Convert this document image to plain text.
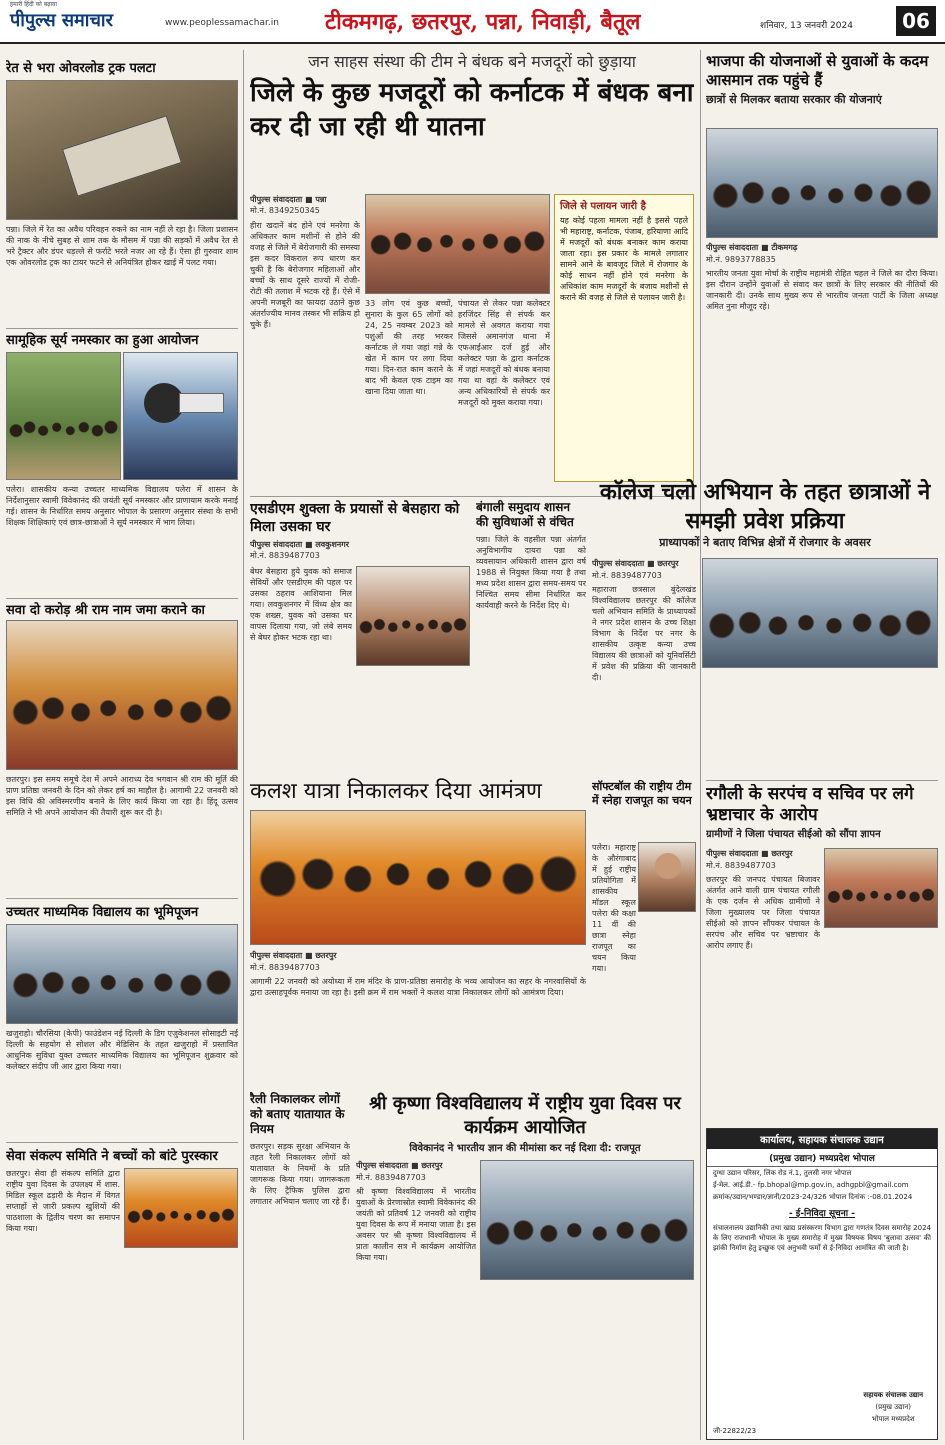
हमारी हिंदी को बढ़ावा
पीपुल्स समाचार	www.peoplessamachar.in टीकमगढ़, छतरपुर, पन्ना, निवाड़ी, बैतूल	शनिवार, 13 जनवरी 2024	06
रेत से भरा ओवरलोड ट्रक पलटा
पन्ना। जिले में रेत का अवैध परिवहन रुकने का नाम नहीं ले रहा है। जिला प्रशासन की नाक के नीचे सुबह से शाम तक के मौसम में पन्ना की सड़कों में अवैध रेत से भरे ट्रैक्टर और डंपर धड़ल्ले से फर्राटे भरते नजर आ रहे हैं। ऐसा ही गुरुवार शाम एक ओवरलोड ट्रक का टायर फटने से अनियंत्रित होकर खाई में पलट गया।
सामूहिक सूर्य नमस्कार का हुआ आयोजन
पलेरा। शासकीय कन्या उच्चतर माध्यमिक विद्यालय पलेरा में शासन के निर्देशानुसार स्वामी विवेकानंद की जयंती सूर्य नमस्कार और प्राणायाम करके मनाई गई। शासन के निर्धारित समय अनुसार भोपाल के प्रसारण अनुसार संस्था के सभी शिक्षक शिक्षिकाएं एवं छात्र-छात्राओं ने सूर्य नमस्कार में भाग लिया।
सवा दो करोड़ श्री राम नाम जमा कराने का
छतरपुर। इस समय समूचे देश में अपने आराध्य देव भगवान श्री राम की मूर्ति की प्राण प्रतिष्ठा जनवरी के दिन को लेकर हर्ष का माहौल है। आगामी 22 जनवरी को इस विधि की अविस्मरणीय बनाने के लिए कार्य किया जा रहा है। हिंदू उत्सव समिति ने भी अपने आयोजन की तैयारी शुरू कर दी है।
उच्चतर माध्यमिक विद्यालय का भूमिपूजन
खजुराहो। चौरसिया (केपी) फाउंडेशन नई दिल्ली के डिग एजुकेशनल सोसाइटी नई दिल्ली के सहयोग से सोशल और मेडिसिन के तहत खजुराहो में प्रस्तावित आधुनिक सुविधा युक्त उच्चतर माध्यमिक विद्यालय का भूमिपूजन शुक्रवार को कलेक्टर संदीप जी आर द्वारा किया गया।
सेवा संकल्प समिति ने बच्चों को बांटे पुरस्कार
छतरपुर। सेवा ही संकल्प समिति द्वारा राष्ट्रीय युवा दिवस के उपलक्ष्य में शास. मिडिल स्कूल ढड़ारी के मैदान में विगत सप्ताहों से जारी प्रकल्प खुशियों की पाठशाला के द्वितीय चरण का समापन किया गया।
जन साहस संस्था की टीम ने बंधक बने मजदूरों को छुड़ाया
जिले के कुछ मजदूरों को कर्नाटक में बंधक बना कर दी जा रही थी यातना
पीपुल्स संवाददाता ■ पन्ना
मो.नं. 8349250345
हीरा खदानें बंद होने एवं मनरेगा के अधिकतर काम मशीनों से होने की वजह से जिले में बेरोजगारी की समस्या इस कदर विकराल रूप धारण कर चुकी है कि बेरोजगार महिलाओं और बच्चों के साथ दूसरे राज्यों में रोजी-रोटी की तलाश में भटक रहे हैं। ऐसे में अपनी मजबूरी का फायदा उठाने कुछ अंतर्राज्यीय मानव तस्कर भी सक्रिय हो चुके हैं।
33 लोग एवं कुछ बच्चों, सुनारा के कुल 65 लोगों को 24, 25 नवम्बर 2023 को पशुओं की तरह भरकर कर्नाटक ले गया जहां गन्ने के खेत में काम पर लगा दिया गया। दिन-रात काम कराने के बाद भी केवल एक टाइम का खाना दिया जाता था।
पंचायत से लेकर पन्ना कलेक्टर हरजिंदर सिंह से संपर्क कर मामले से अवगत कराया गया जिससे अमानगंज थाना में एफआईआर दर्ज हुई और कलेक्टर पन्ना के द्वारा कर्नाटक में जहां मजदूरों को बंधक बनाया गया था वहां के कलेक्टर एवं अन्य अधिकारियों से संपर्क कर मजदूरों को मुक्त कराया गया।
जिले से पलायन जारी है
यह कोई पहला मामला नहीं है इससे पहले भी महाराष्ट्र, कर्नाटक, पंजाब, हरियाणा आदि में मजदूरों को बंधक बनाकर काम कराया जाता रहा। इस प्रकार के मामले लगातार सामने आने के बावजूद जिले में रोजगार के कोई साधन नहीं होने एवं मनरेगा के अधिकांश काम मजदूरों के बजाय मशीनों से कराने की वजह से जिले से पलायन जारी है।
एसडीएम शुक्ला के प्रयासों से बेसहारा को मिला उसका घर
पीपुल्स संवाददाता ■ लवकुशनगर
मो.नं. 8839487703
बेघर बेसहारा हुये युवक को समाज सेवियों और एसडीएम की पहल पर उसका ठहराव आशियाना मिल गया। लवकुशनगर में विंध्य क्षेत्र का एक शख्स, युवक को उसका घर वापस दिलाया गया, जो लंबे समय से बेघर होकर भटक रहा था।
बंगाली समुदाय शासन की सुविधाओं से वंचित
पन्ना। जिले के वहसील पन्ना अंतर्गत अनुविभागीय दायरा पन्ना को व्यवसायान अधिकारी शासन द्वारा वर्ष 1988 से नियुक्त किया गया है तथा मध्य प्रदेश शासन द्वारा समय-समय पर निश्चित समय सीमा निर्धारित कर कार्यवाही करने के निर्देश दिए थे।
कलश यात्रा निकालकर दिया आमंत्रण
पीपुल्स संवाददाता ■ छतरपुर
मो.नं. 8839487703
आगामी 22 जनवरी को अयोध्या में राम मंदिर के प्राण-प्रतिष्ठा समारोह के भव्य आयोजन का सहर के नगरवासियों के द्वारा उत्साहपूर्वक मनाया जा रहा है। इसी क्रम में राम भक्तों ने कलश यात्रा निकालकर लोगों को आमंत्रण दिया।
सॉफ्टबॉल की राष्ट्रीय टीम में स्नेहा राजपूत का चयन
पलेरा। महाराष्ट्र के औरंगाबाद में हुई राष्ट्रीय प्रतियोगिता में शासकीय मॉडल स्कूल पलेरा की कक्षा 11 वीं की छात्रा स्नेहा राजपूत का चयन किया गया।
रैली निकालकर लोगों को बताए यातायात के नियम
छतरपुर। सड़क सुरक्षा अभियान के तहत रैली निकालकर लोगों को यातायात के नियमों के प्रति जागरूक किया गया। जागरूकता के लिए ट्रैफिक पुलिस द्वारा लगातार अभियान चलाए जा रहे हैं।
श्री कृष्णा विश्वविद्यालय में राष्ट्रीय युवा दिवस पर कार्यक्रम आयोजित
विवेकानंद ने भारतीय ज्ञान की मीमांसा कर नई दिशा दी: राजपूत
पीपुल्स संवाददाता ■ छतरपुर
मो.नं. 8839487703
श्री कृष्णा विश्वविद्यालय में भारतीय युवाओं के प्रेरणास्रोत स्वामी विवेकानंद की जयंती को प्रतिवर्ष 12 जनवरी को राष्ट्रीय युवा दिवस के रूप में मनाया जाता है। इस अवसर पर श्री कृष्णा विश्वविद्यालय में प्रातः कालीन सत्र में कार्यक्रम आयोजित किया गया।
भाजपा की योजनाओं से युवाओं के कदम आसमान तक पहुंचे हैं
छात्रों से मिलकर बताया सरकार की योजनाएं
पीपुल्स संवाददाता ■ टीकमगढ़
मो.नं. 9893778835
भारतीय जनता युवा मोर्चा के राष्ट्रीय महामंत्री रोहित चहल ने जिले का दौरा किया। इस दौरान उन्होंने युवाओं से संवाद कर छात्रों के लिए सरकार की नीतियों की जानकारी दी। उनके साथ मुख्य रूप से भारतीय जनता पार्टी के जिला अध्यक्ष अमित नुना मौजूद रहे।
कॉलेज चलो अभियान के तहत छात्राओं ने समझी प्रवेश प्रक्रिया
प्राध्यापकों ने बताए विभिन्न क्षेत्रों में रोजगार के अवसर
पीपुल्स संवाददाता ■ छतरपुर
मो.नं. 8839487703
महाराजा छत्रसाल बुंदेलखंड विश्वविद्यालय छतरपुर की कॉलेज चलो अभियान समिति के प्राध्यापकों ने नगर प्रदेश शासन के उच्च शिक्षा विभाग के निर्देश पर नगर के शासकीय उत्कृष्ट कन्या उच्च विद्यालय की छात्राओं को यूनिवर्सिटी में प्रवेश की प्रक्रिया की जानकारी दी।
रगौली के सरपंच व सचिव पर लगे भ्रष्टाचार के आरोप
ग्रामीणों ने जिला पंचायत सीईओ को सौंपा ज्ञापन
पीपुल्स संवाददाता ■ छतरपुर
मो.नं. 8839487703
छतरपुर की जनपद पंचायत बिजावर अंतर्गत आने वाली ग्राम पंचायत रगौली के एक दर्जन से अधिक ग्रामीणों ने जिला मुख्यालय पर जिला पंचायत सीईओ को ज्ञापन सौंपकर पंचायत के सरपंच और सचिव पर भ्रष्टाचार के आरोप लगाए हैं।
कार्यालय, सहायक संचालक उद्यान
(प्रमुख उद्यान) मध्यप्रदेश भोपाल
दुग्धा उद्यान परिसर, लिंक रोड नं.1, तुलसी नगर भोपाल
ई-मेल. आई.डी.- fp.bhopal@mp.gov.in, adhgpbl@gmail.com
क्रमांक/उद्यान/भण्डार/ज्ञानी/2023-24/326 भोपाल दिनांक :-08.01.2024
- ई-निविदा सूचना -
संचालनालय उद्यानिकी तथा खाद्य प्रसंस्करण विभाग द्वारा गणतंत्र दिवस समारोह 2024 के लिए राजधानी भोपाल के मुख्य समारोह में मुख्य विषयक विषय 'बुलावा उत्सव' की झांकी निर्माण हेतु इच्छुक एवं अनुभवी फर्मों से ई-निविदा आमंत्रित की जाती है।
सहायक संचालक उद्यान
(प्रमुख उद्यान)
भोपाल मध्यप्रदेश
जी-22822/23
